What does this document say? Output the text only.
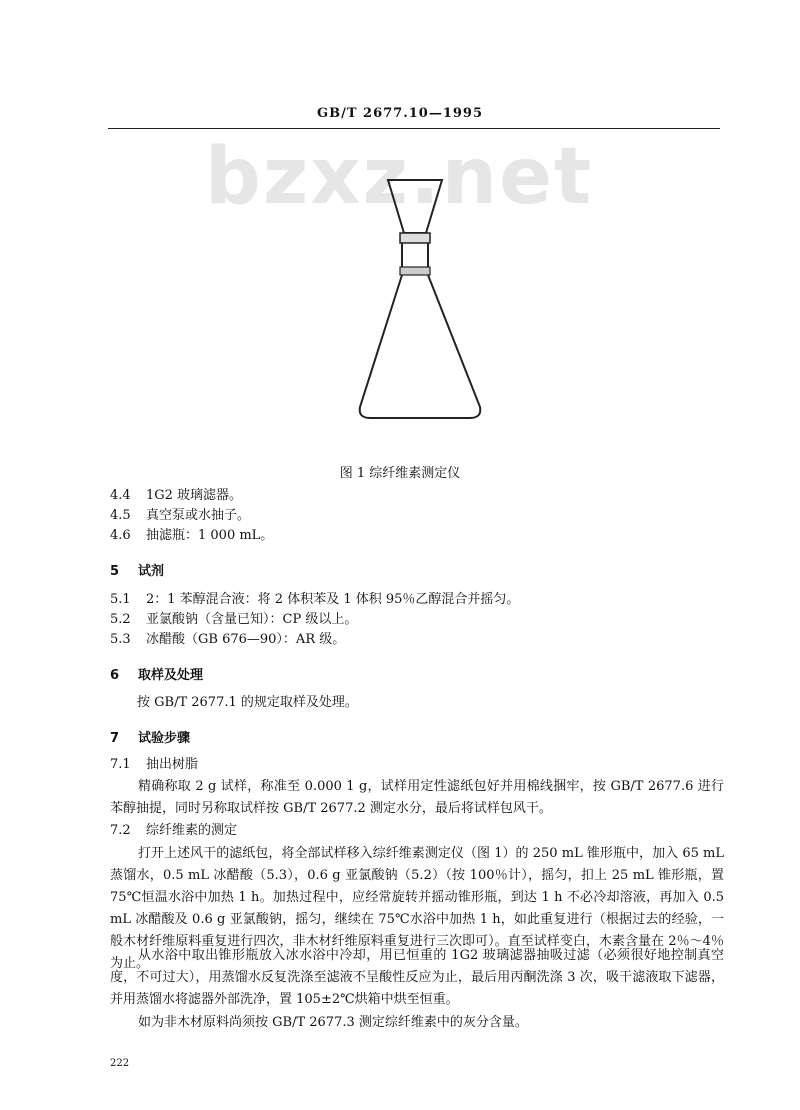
GB/T 2677.10—1995
bzxz.net
图 1 综纤维素测定仪
4.4 1G2 玻璃滤器。
4.5 真空泵或水抽子。
4.6 抽滤瓶：1 000 mL。
5 试剂
5.1 2：1 苯醇混合液：将 2 体积苯及 1 体积 95％乙醇混合并摇匀。
5.2 亚氯酸钠（含量已知）：CP 级以上。
5.3 冰醋酸（GB 676—90）：AR 级。
6 取样及处理
按 GB/T 2677.1 的规定取样及处理。
7 试验步骤
7.1 抽出树脂
精确称取 2 g 试样，称准至 0.000 1 g，试样用定性滤纸包好并用棉线捆牢，按 GB/T 2677.6 进行苯醇抽提，同时另称取试样按 GB/T 2677.2 测定水分，最后将试样包风干。
7.2 综纤维素的测定
打开上述风干的滤纸包，将全部试样移入综纤维素测定仪（图 1）的 250 mL 锥形瓶中，加入 65 mL 蒸馏水，0.5 mL 冰醋酸（5.3），0.6 g 亚氯酸钠（5.2）（按 100％计），摇匀，扣上 25 mL 锥形瓶，置 75℃恒温水浴中加热 1 h。加热过程中，应经常旋转并摇动锥形瓶，到达 1 h 不必冷却溶液，再加入 0.5 mL 冰醋酸及 0.6 g 亚氯酸钠，摇匀，继续在 75℃水浴中加热 1 h，如此重复进行（根据过去的经验，一般木材纤维原料重复进行四次，非木材纤维原料重复进行三次即可）。直至试样变白，木素含量在 2％～4％为止。
从水浴中取出锥形瓶放入冰水浴中冷却，用已恒重的 1G2 玻璃滤器抽吸过滤（必须很好地控制真空度，不可过大），用蒸馏水反复洗涤至滤液不呈酸性反应为止，最后用丙酮洗涤 3 次，吸干滤液取下滤器，并用蒸馏水将滤器外部洗净，置 105±2℃烘箱中烘至恒重。
如为非木材原料尚须按 GB/T 2677.3 测定综纤维素中的灰分含量。
222
